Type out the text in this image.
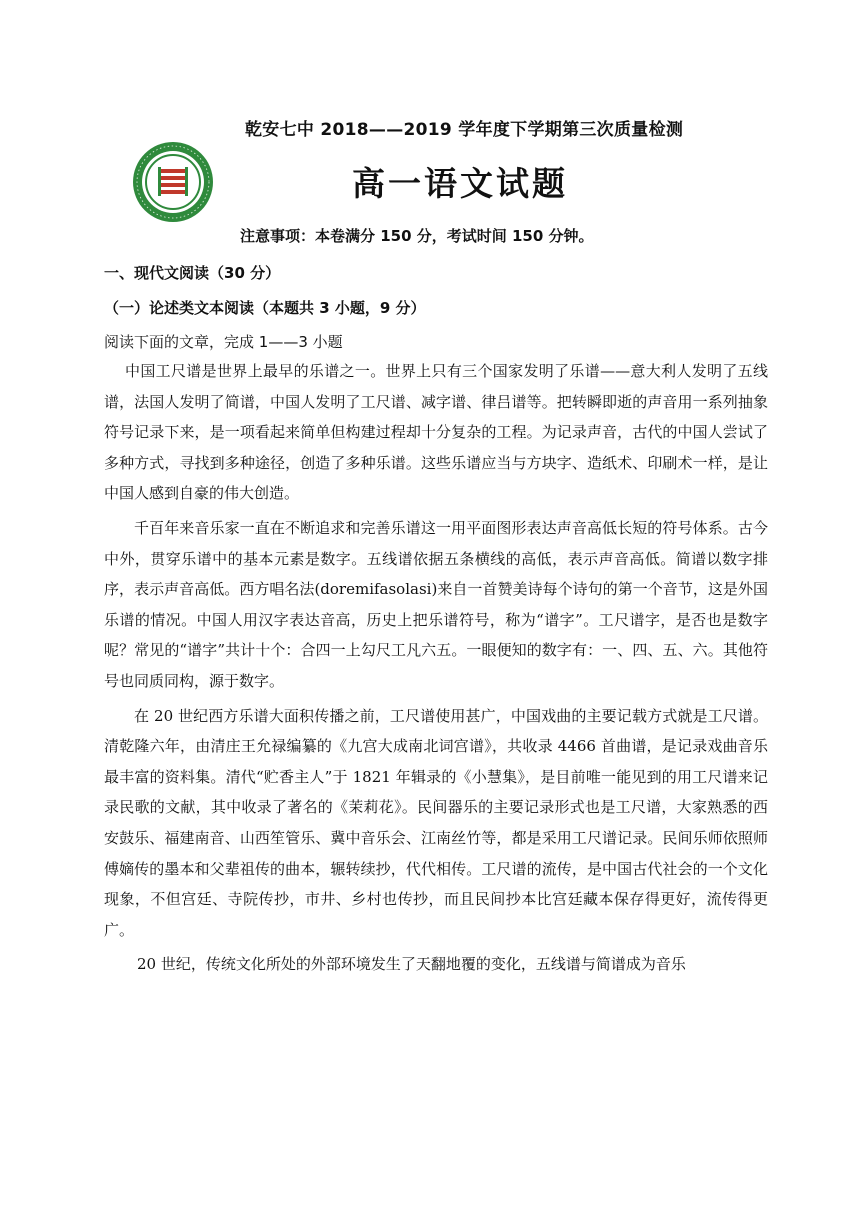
乾安七中 2018——2019 学年度下学期第三次质量检测
高一语文试题
注意事项：本卷满分 150 分，考试时间 150 分钟。
一、现代文阅读（30 分）
（一）论述类文本阅读（本题共 3 小题，9 分）
阅读下面的文章，完成 1——3 小题

中国工尺谱是世界上最早的乐谱之一。世界上只有三个国家发明了乐谱——意大利人发明了五线谱，法国人发明了简谱，中国人发明了工尺谱、减字谱、律吕谱等。把转瞬即逝的声音用一系列抽象符号记录下来，是一项看起来简单但构建过程却十分复杂的工程。为记录声音，古代的中国人尝试了多种方式，寻找到多种途径，创造了多种乐谱。这些乐谱应当与方块字、造纸术、印刷术一样，是让中国人感到自豪的伟大创造。

千百年来音乐家一直在不断追求和完善乐谱这一用平面图形表达声音高低长短的符号体系。古今中外，贯穿乐谱中的基本元素是数字。五线谱依据五条横线的高低，表示声音高低。简谱以数字排序，表示声音高低。西方唱名法(doremifasolasi)来自一首赞美诗每个诗句的第一个音节，这是外国乐谱的情况。中国人用汉字表达音高，历史上把乐谱符号，称为“谱字”。工尺谱字，是否也是数字呢？常见的“谱字”共计十个：合四一上勾尺工凡六五。一眼便知的数字有：一、四、五、六。其他符号也同质同构，源于数字。

在 20 世纪西方乐谱大面积传播之前，工尺谱使用甚广，中国戏曲的主要记载方式就是工尺谱。清乾隆六年，由清庄王允禄编纂的《九宫大成南北词宫谱》，共收录 4466 首曲谱，是记录戏曲音乐最丰富的资料集。清代“贮香主人”于 1821 年辑录的《小慧集》，是目前唯一能见到的用工尺谱来记录民歌的文献，其中收录了著名的《茉莉花》。民间器乐的主要记录形式也是工尺谱，大家熟悉的西安鼓乐、福建南音、山西笙管乐、冀中音乐会、江南丝竹等，都是采用工尺谱记录。民间乐师依照师傅嫡传的墨本和父辈祖传的曲本，辗转续抄，代代相传。工尺谱的流传，是中国古代社会的一个文化现象，不但宫廷、寺院传抄，市井、乡村也传抄，而且民间抄本比宫廷藏本保存得更好，流传得更广。

20 世纪，传统文化所处的外部环境发生了天翻地覆的变化，五线谱与简谱成为音乐
